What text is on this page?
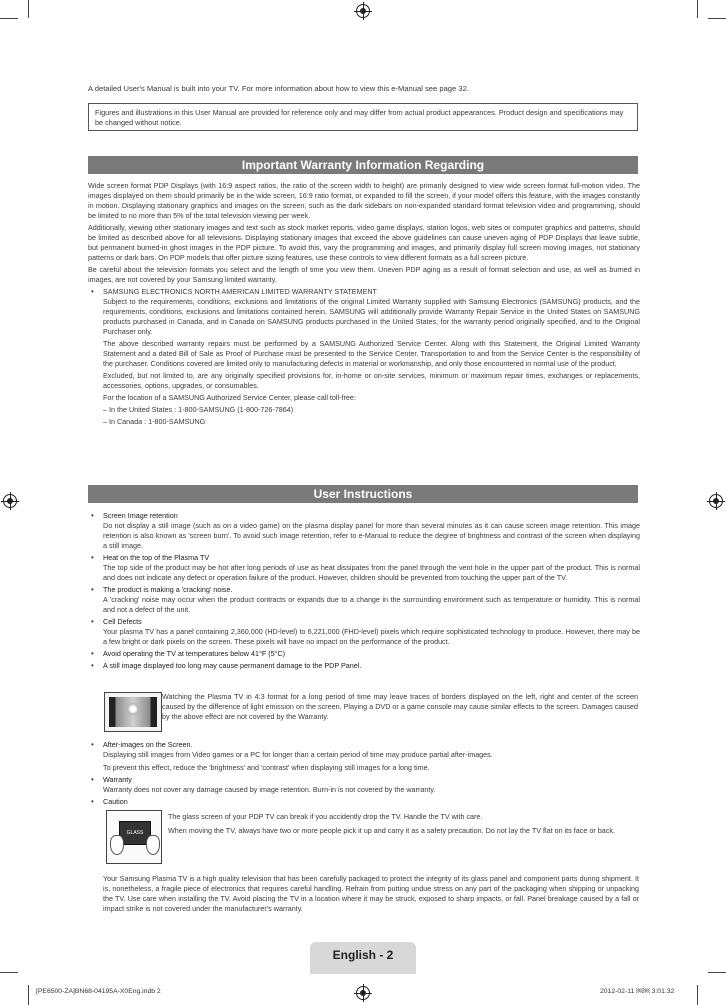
A detailed User's Manual is built into your TV. For more information about how to view this e-Manual see page 32.
Figures and illustrations in this User Manual are provided for reference only and may differ from actual product appearances. Product design and specifications may be changed without notice.
Important Warranty Information Regarding

Wide screen format PDP Displays (with 16:9 aspect ratios, the ratio of the screen width to height) are primarily designed to view wide screen format full-motion video. The images displayed on them should primarily be in the wide screen, 16:9 ratio format, or expanded to fill the screen, if your model offers this feature, with the images constantly in motion. Displaying stationary graphics and images on the screen, such as the dark sidebars on non-expanded standard format television video and programming, should be limited to no more than 5% of the total television viewing per week.

Additionally, viewing other stationary images and text such as stock market reports, video game displays, station logos, web sites or computer graphics and patterns, should be limited as described above for all televisions. Displaying stationary images that exceed the above guidelines can cause uneven aging of PDP Displays that leave subtle, but permanent burned-in ghost images in the PDP picture. To avoid this, vary the programming and images, and primarily display full screen moving images, not stationary patterns or dark bars. On PDP models that offer picture sizing features, use these controls to view different formats as a full screen picture.

Be careful about the television formats you select and the length of time you view them. Uneven PDP aging as a result of format selection and use, as well as burned in images, are not covered by your Samsung limited warranty.

• SAMSUNG ELECTRONICS NORTH AMERICAN LIMITED WARRANTY STATEMENT

Subject to the requirements, conditions, exclusions and limitations of the original Limited Warranty supplied with Samsung Electronics (SAMSUNG) products, and the requirements, conditions, exclusions and limitations contained herein, SAMSUNG will additionally provide Warranty Repair Service in the United States on SAMSUNG products purchased in Canada, and in Canada on SAMSUNG products purchased in the United States, for the warranty period originally specified, and to the Original Purchaser only.

The above described warranty repairs must be performed by a SAMSUNG Authorized Service Center. Along with this Statement, the Original Limited Warranty Statement and a dated Bill of Sale as Proof of Purchase must be presented to the Service Center. Transportation to and from the Service Center is the responsibility of the purchaser. Conditions covered are limited only to manufacturing defects in material or workmanship, and only those encountered in normal use of the product.

Excluded, but not limited to, are any originally specified provisions for, in-home or on-site services, minimum or maximum repair times, exchanges or replacements, accessories, options, upgrades, or consumables.

For the location of a SAMSUNG Authorized Service Center, please call toll-free:

– In the United States : 1-800-SAMSUNG (1-800-726-7864)

– In Canada : 1-800-SAMSUNG

User Instructions
• Screen Image retention
Do not display a still image (such as on a video game) on the plasma display panel for more than several minutes as it can cause screen image retention. This image retention is also known as 'screen burn'. To avoid such image retention, refer to e-Manual to reduce the degree of brightness and contrast of the screen when displaying a still image.
• Heat on the top of the Plasma TV
The top side of the product may be hot after long periods of use as heat dissipates from the panel through the vent hole in the upper part of the product. This is normal and does not indicate any defect or operation failure of the product. However, children should be prevented from touching the upper part of the TV.
• The product is making a 'cracking' noise.
A 'cracking' noise may occur when the product contracts or expands due to a change in the surrounding environment such as temperature or humidity. This is normal and not a defect of the unit.
• Cell Defects
Your plasma TV has a panel containing 2,360,000 (HD-level) to 6,221,000 (FHD-level) pixels which require sophisticated technology to produce. However, there may be a few bright or dark pixels on the screen. These pixels will have no impact on the performance of the product.
• Avoid operating the TV at temperatures below 41°F (5°C)
• A still image displayed too long may cause permanent damage to the PDP Panel.
Watching the Plasma TV in 4:3 format for a long period of time may leave traces of borders displayed on the left, right and center of the screen caused by the difference of light emission on the screen. Playing a DVD or a game console may cause similar effects to the screen. Damages caused by the above effect are not covered by the Warranty.
• After-images on the Screen.
Displaying still images from Video games or a PC for longer than a certain period of time may produce partial after-images.
To prevent this effect, reduce the 'brightness' and 'contrast' when displaying still images for a long time.
• Warranty
Warranty does not cover any damage caused by image retention. Burn-in is not covered by the warranty.
• Caution
GLASS
The glass screen of your PDP TV can break if you accidently drop the TV. Handle the TV with care.
When moving the TV, always have two or more people pick it up and carry it as a safety precaution. Do not lay the TV flat on its face or back.
Your Samsung Plasma TV is a high quality television that has been carefully packaged to protect the integrity of its glass panel and component parts during shipment. It is, nonetheless, a fragile piece of electronics that requires careful handling. Refrain from putting undue stress on any part of the packaging when shipping or unpacking the TV. Use care when installing the TV. Avoid placing the TV in a location where it may be struck, exposed to sharp impacts, or fall. Panel breakage caused by a fall or impact strike is not covered under the manufacturer's warranty.
English - 2
[PE6500-ZA]BN68-04195A-X0Eng.indb 2	2012-02-11 ￼￼ 3:01:32
